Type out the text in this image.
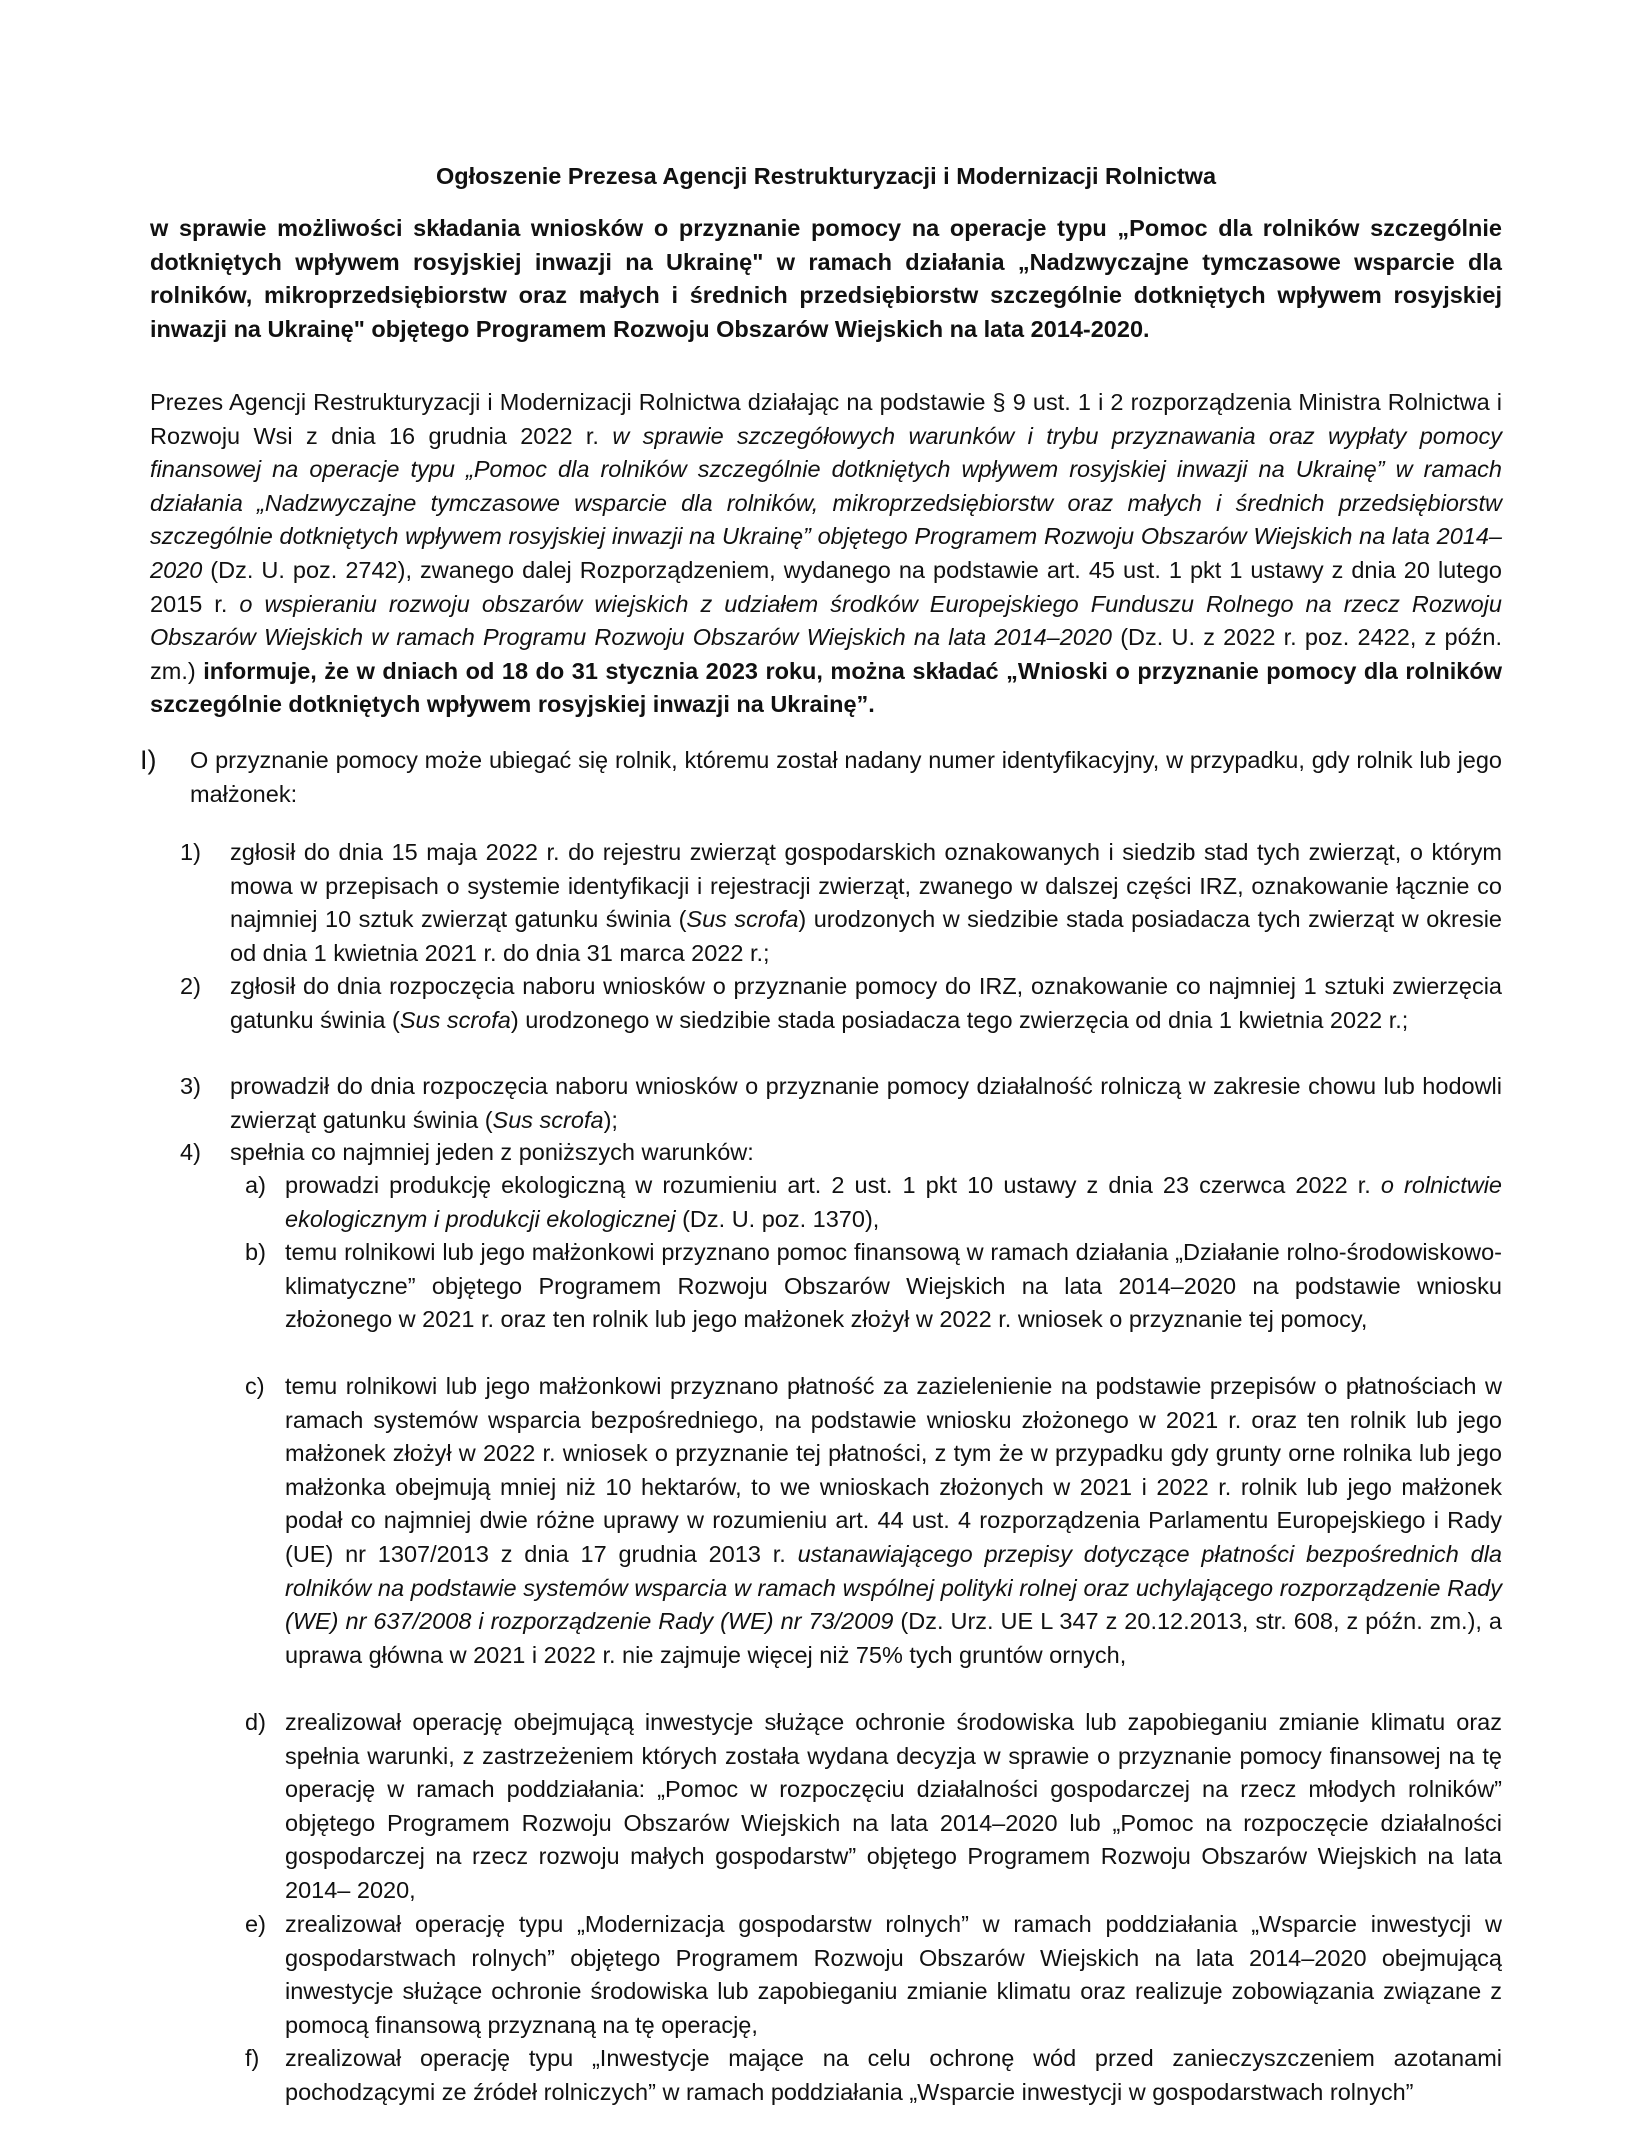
Ogłoszenie Prezesa Agencji Restrukturyzacji i Modernizacji Rolnictwa
w sprawie możliwości składania wniosków o przyznanie pomocy na operacje typu „Pomoc dla rolników szczególnie dotkniętych wpływem rosyjskiej inwazji na Ukrainę" w ramach działania „Nadzwyczajne tymczasowe wsparcie dla rolników, mikroprzedsiębiorstw oraz małych i średnich przedsiębiorstw szczególnie dotkniętych wpływem rosyjskiej inwazji na Ukrainę" objętego Programem Rozwoju Obszarów Wiejskich na lata 2014-2020.
Prezes Agencji Restrukturyzacji i Modernizacji Rolnictwa działając na podstawie § 9 ust. 1 i 2 rozporządzenia Ministra Rolnictwa i Rozwoju Wsi z dnia 16 grudnia 2022 r. w sprawie szczegółowych warunków i trybu przyznawania oraz wypłaty pomocy finansowej na operacje typu „Pomoc dla rolników szczególnie dotkniętych wpływem rosyjskiej inwazji na Ukrainę” w ramach działania „Nadzwyczajne tymczasowe wsparcie dla rolników, mikroprzedsiębiorstw oraz małych i średnich przedsiębiorstw szczególnie dotkniętych wpływem rosyjskiej inwazji na Ukrainę” objętego Programem Rozwoju Obszarów Wiejskich na lata 2014–2020 (Dz. U. poz. 2742), zwanego dalej Rozporządzeniem, wydanego na podstawie art. 45 ust. 1 pkt 1 ustawy z dnia 20 lutego 2015 r. o wspieraniu rozwoju obszarów wiejskich z udziałem środków Europejskiego Funduszu Rolnego na rzecz Rozwoju Obszarów Wiejskich w ramach Programu Rozwoju Obszarów Wiejskich na lata 2014–2020 (Dz. U. z 2022 r. poz. 2422, z późn. zm.) informuje, że w dniach od 18 do 31 stycznia 2023 roku, można składać „Wnioski o przyznanie pomocy dla rolników szczególnie dotkniętych wpływem rosyjskiej inwazji na Ukrainę”.
I) O przyznanie pomocy może ubiegać się rolnik, któremu został nadany numer identyfikacyjny, w przypadku, gdy rolnik lub jego małżonek:
1) zgłosił do dnia 15 maja 2022 r. do rejestru zwierząt gospodarskich oznakowanych i siedzib stad tych zwierząt, o którym mowa w przepisach o systemie identyfikacji i rejestracji zwierząt, zwanego w dalszej części IRZ, oznakowanie łącznie co najmniej 10 sztuk zwierząt gatunku świnia (Sus scrofa) urodzonych w siedzibie stada posiadacza tych zwierząt w okresie od dnia 1 kwietnia 2021 r. do dnia 31 marca 2022 r.;
2) zgłosił do dnia rozpoczęcia naboru wniosków o przyznanie pomocy do IRZ, oznakowanie co najmniej 1 sztuki zwierzęcia gatunku świnia (Sus scrofa) urodzonego w siedzibie stada posiadacza tego zwierzęcia od dnia 1 kwietnia 2022 r.;
3) prowadził do dnia rozpoczęcia naboru wniosków o przyznanie pomocy działalność rolniczą w zakresie chowu lub hodowli zwierząt gatunku świnia (Sus scrofa);
4) spełnia co najmniej jeden z poniższych warunków:
a) prowadzi produkcję ekologiczną w rozumieniu art. 2 ust. 1 pkt 10 ustawy z dnia 23 czerwca 2022 r. o rolnictwie ekologicznym i produkcji ekologicznej (Dz. U. poz. 1370),
b) temu rolnikowi lub jego małżonkowi przyznano pomoc finansową w ramach działania „Działanie rolno-środowiskowo-klimatyczne” objętego Programem Rozwoju Obszarów Wiejskich na lata 2014–2020 na podstawie wniosku złożonego w 2021 r. oraz ten rolnik lub jego małżonek złożył w 2022 r. wniosek o przyznanie tej pomocy,
c) temu rolnikowi lub jego małżonkowi przyznano płatność za zazielenienie na podstawie przepisów o płatnościach w ramach systemów wsparcia bezpośredniego, na podstawie wniosku złożonego w 2021 r. oraz ten rolnik lub jego małżonek złożył w 2022 r. wniosek o przyznanie tej płatności, z tym że w przypadku gdy grunty orne rolnika lub jego małżonka obejmują mniej niż 10 hektarów, to we wnioskach złożonych w 2021 i 2022 r. rolnik lub jego małżonek podał co najmniej dwie różne uprawy w rozumieniu art. 44 ust. 4 rozporządzenia Parlamentu Europejskiego i Rady (UE) nr 1307/2013 z dnia 17 grudnia 2013 r. ustanawiającego przepisy dotyczące płatności bezpośrednich dla rolników na podstawie systemów wsparcia w ramach wspólnej polityki rolnej oraz uchylającego rozporządzenie Rady (WE) nr 637/2008 i rozporządzenie Rady (WE) nr 73/2009 (Dz. Urz. UE L 347 z 20.12.2013, str. 608, z późn. zm.), a uprawa główna w 2021 i 2022 r. nie zajmuje więcej niż 75% tych gruntów ornych,
d) zrealizował operację obejmującą inwestycje służące ochronie środowiska lub zapobieganiu zmianie klimatu oraz spełnia warunki, z zastrzeżeniem których została wydana decyzja w sprawie o przyznanie pomocy finansowej na tę operację w ramach poddziałania: „Pomoc w rozpoczęciu działalności gospodarczej na rzecz młodych rolników” objętego Programem Rozwoju Obszarów Wiejskich na lata 2014–2020 lub „Pomoc na rozpoczęcie działalności gospodarczej na rzecz rozwoju małych gospodarstw” objętego Programem Rozwoju Obszarów Wiejskich na lata 2014– 2020,
e) zrealizował operację typu „Modernizacja gospodarstw rolnych” w ramach poddziałania „Wsparcie inwestycji w gospodarstwach rolnych” objętego Programem Rozwoju Obszarów Wiejskich na lata 2014–2020 obejmującą inwestycje służące ochronie środowiska lub zapobieganiu zmianie klimatu oraz realizuje zobowiązania związane z pomocą finansową przyznaną na tę operację,
f) zrealizował operację typu „Inwestycje mające na celu ochronę wód przed zanieczyszczeniem azotanami pochodzącymi ze źródeł rolniczych” w ramach poddziałania „Wsparcie inwestycji w gospodarstwach rolnych”
